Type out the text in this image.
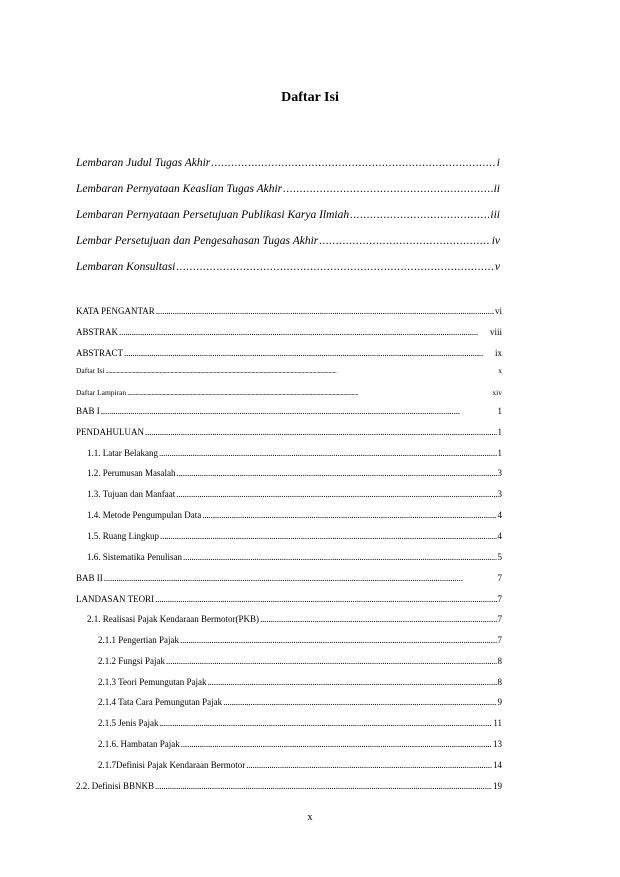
Daftar Isi
Lembaran Judul Tugas Akhir . . .	i
Lembaran Pernyataan Keaslian Tugas Akhir . . .	ii
Lembaran Pernyataan Persetujuan Publikasi Karya Ilmiah . . .	iii
Lembar Persetujuan dan Pengesahasan Tugas Akhir . . .	iv
Lembaran Konsultasi . . .	v
KATA PENGANTAR . . .	vi
ABSTRAK . . .	viii
ABSTRACT . . .	ix
Daftar Isi . . .	x
Daftar Lampiran . . .	xiv
BAB I . . .	1
PENDAHULUAN . . .	1
1.1. Latar Belakang . . .	1
1.2. Perumusan Masalah . . .	3
1.3. Tujuan dan Manfaat . . .	3
1.4. Metode Pengumpulan Data . . .	4
1.5. Ruang Lingkup . . .	4
1.6. Sistematika Penulisan . . .	5
BAB II . . .	7
LANDASAN TEORI . . .	7
2.1. Realisasi Pajak Kendaraan Bermotor(PKB) . . .	7
2.1.1 Pengertian Pajak . . .	7
2.1.2 Fungsi Pajak . . .	8
2.1.3 Teori Pemungutan Pajak . . .	8
2.1.4 Tata Cara Pemungutan Pajak . . .	9
2.1.5 Jenis Pajak . . .	11
2.1.6. Hambatan Pajak . . .	13
2.1.7Definisi Pajak Kendaraan Bermotor . . .	14
2.2. Definisi BBNKB . . .	19
x
